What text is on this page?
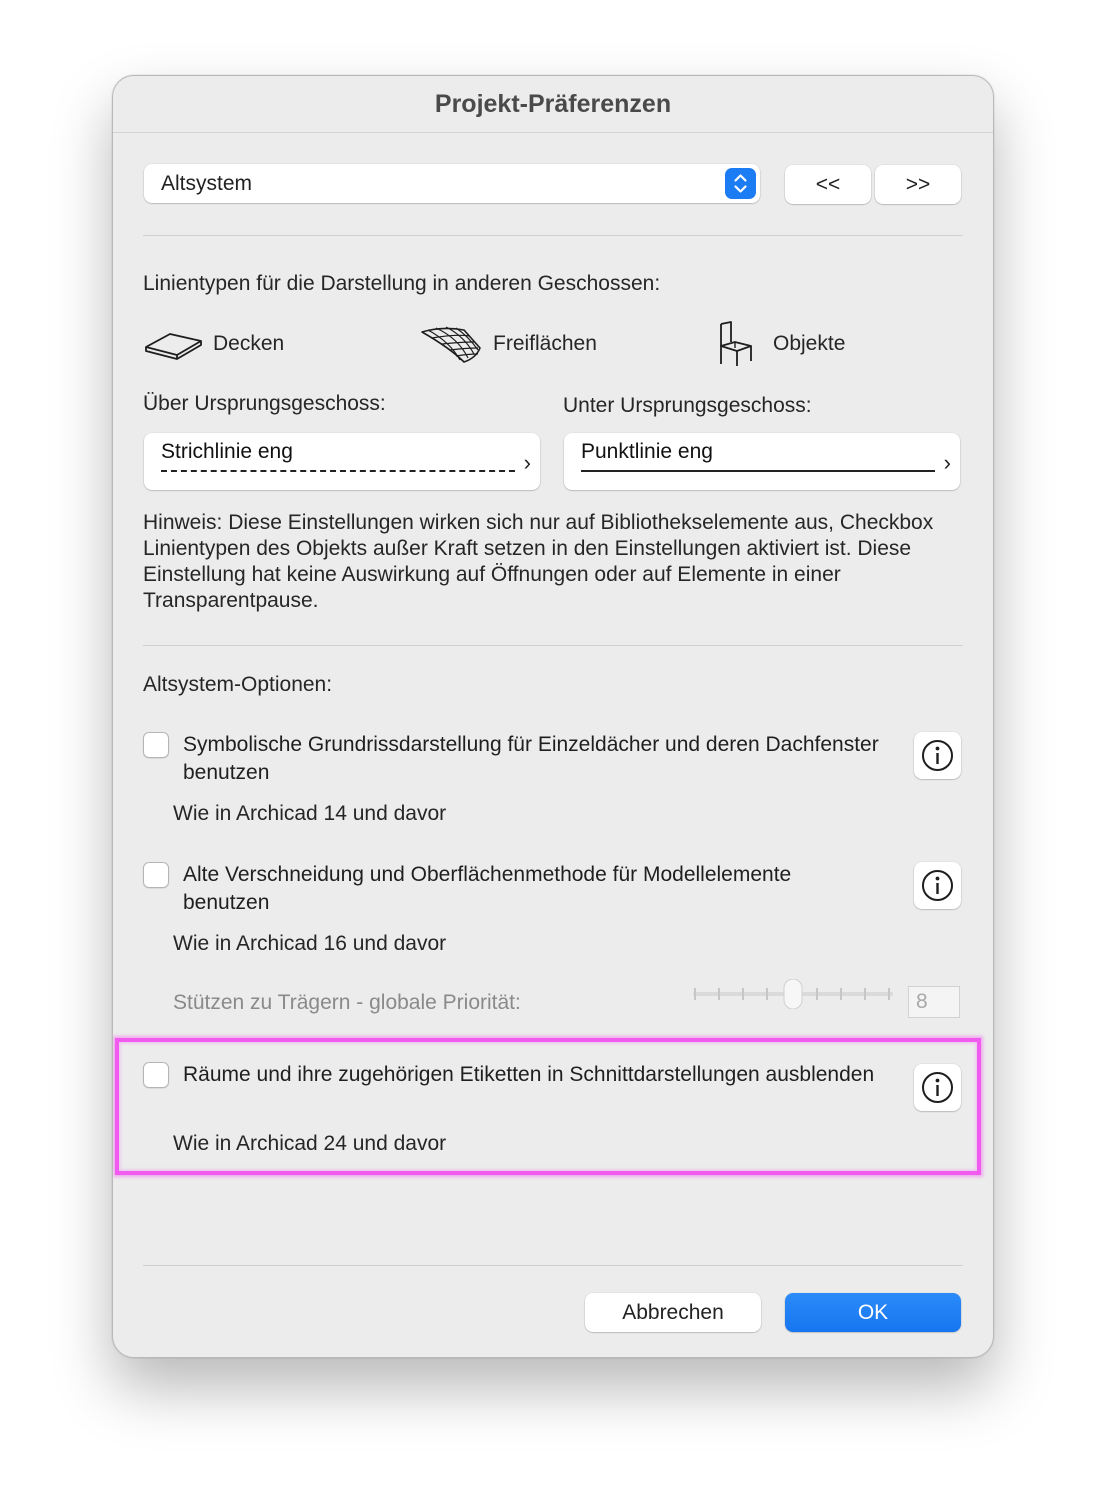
Projekt-Präferenzen
Altsystem	<<	>>
Linientypen für die Darstellung in anderen Geschossen:
Decken	Freiflächen	Objekte
Über Ursprungsgeschoss:	Unter Ursprungsgeschoss:
Strichlinie eng	› Punktlinie eng	›
Hinweis: Diese Einstellungen wirken sich nur auf Bibliothekselemente aus, Checkbox Linientypen des Objekts außer Kraft setzen in den Einstellungen aktiviert ist. Diese Einstellung hat keine Auswirkung auf Öffnungen oder auf Elemente in einer Transparentpause.
Altsystem-Optionen:
Symbolische Grundrissdarstellung für Einzeldächer und deren Dachfenster benutzen
Wie in Archicad 14 und davor
Alte Verschneidung und Oberflächenmethode für Modellelemente benutzen
Wie in Archicad 16 und davor
Stützen zu Trägern - globale Priorität:	8
Räume und ihre zugehörigen Etiketten in Schnittdarstellungen ausblenden
Wie in Archicad 24 und davor
Abbrechen	OK
